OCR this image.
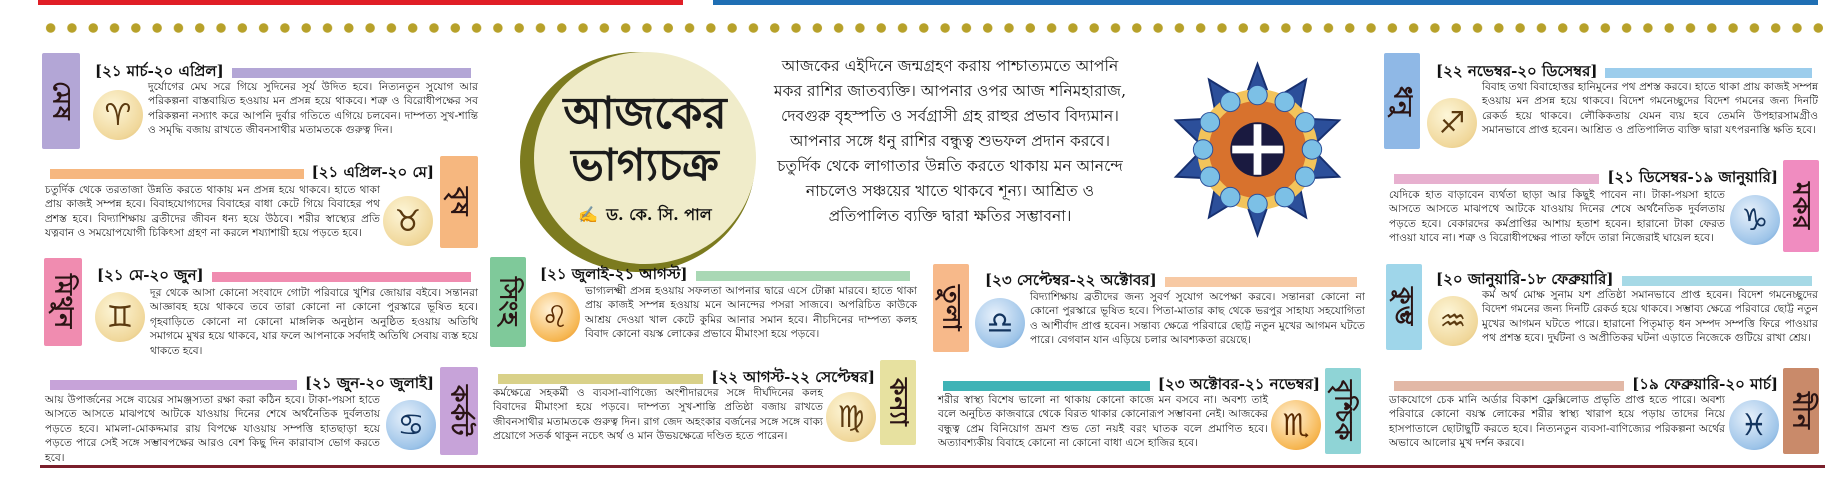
আজকের
ভাগ্যচক্র
✍ ড. কে. সি. পাল
আজকের এইদিনে জন্মগ্রহণ করায় পাশ্চাত্যমতে আপনি মকর রাশির জাতব্যক্তি। আপনার ওপর আজ শনিমহারাজ, দেবগুরু বৃহস্পতি ও সর্বগ্রাসী গ্রহ রাহুর প্রভাব বিদ্যমান। আপনার সঙ্গে ধনু রাশির বন্ধুত্ব শুভফল প্রদান করবে। চতুর্দিক থেকে লাগাতার উন্নতি করতে থাকায় মন আনন্দে নাচলেও সঞ্চয়ের খাতে থাকবে শূন্য। আশ্রিত ও প্রতিপালিত ব্যক্তি দ্বারা ক্ষতির সম্ভাবনা।
মেষ
[২১ মার্চ-২০ এপ্রিল]
♈
দুর্যোগের মেঘ সরে গিয়ে সুদিনের সূর্য উদিত হবে। নিত্যনতুন সুযোগ আর পরিকল্পনা বাস্তবায়িত হওয়ায় মন প্রসন্ন হয়ে থাকবে। শত্রু ও বিরোধীপক্ষের সব পরিকল্পনা নস্যাৎ করে আপনি দুর্বার গতিতে এগিয়ে চলবেন। দাম্পত্য সুখ-শান্তি ও সমৃদ্ধি বজায় রাখতে জীবনসাথীর মতামতকে গুরুত্ব দিন।
বৃষ
[২১ এপ্রিল-২০ মে]
চতুর্দিক থেকে তরতাজা উন্নতি করতে থাকায় মন প্রসন্ন হয়ে থাকবে। হাতে থাকা প্রায় কাজই সম্পন্ন হবে। বিবাহযোগ্যদের বিবাহের বাধা কেটে গিয়ে বিবাহের পথ প্রশস্ত হবে। বিদ্যাশিক্ষায় ব্রতীদের জীবন ধন্য হয়ে উঠবে। শরীর স্বাস্থ্যের প্রতি যত্নবান ও সময়োপযোগী চিকিৎসা গ্রহণ না করলে শয্যাশায়ী হয়ে পড়তে হবে।	♉
মিথুন [২১ মে-২০ জুন]
♊
দূর থেকে আসা কোনো সংবাদে গোটা পরিবারে খুশির জোয়ার বইবে। সন্তানরা আজ্ঞাবহ হয়ে থাকবে তবে তারা কোনো না কোনো পুরস্কারে ভূষিত হবে। গৃহবাড়িতে কোনো না কোনো মাঙ্গলিক অনুষ্ঠান অনুষ্ঠিত হওয়ায় অতিথি সমাগমে মুখর হয়ে থাকবে, যার ফলে আপনাকে সর্বদাই অতিথি সেবায় ব্যস্ত হয়ে থাকতে হবে।
কর্কট
[২১ জুন-২০ জুলাই]
আয় উপার্জনের সঙ্গে ব্যয়ের সামঞ্জস্যতা রক্ষা করা কঠিন হবে। টাকা-পয়সা হাতে আসতে আসতে মাঝপথে আটকে যাওয়ায় দিনের শেষে অর্থনৈতিক দুর্বলতায় পড়তে হবে। মামলা-মোকদ্দমার রায় বিপক্ষে যাওয়ায় সম্পত্তি হাতছাড়া হয়ে পড়তে পারে সেই সঙ্গে সম্ভাবপক্ষের আরও বেশ কিছু দিন কারাবাস ভোগ করতে হবে।
♋
সিংহ
[২১ জুলাই-২১ আগস্ট]
♌
ভাগ্যলক্ষ্মী প্রসন্ন হওয়ায় সফলতা আপনার দ্বারে এসে টোক্কা মারবে। হাতে থাকা প্রায় কাজই সম্পন্ন হওয়ায় মনে আনন্দের পসরা সাজবে। অপরিচিত কাউকে আশ্রয় দেওয়া খাল কেটে কুমির আনার সমান হবে। নীচদিনের দাম্পত্য কলহ বিবাদ কোনো বয়স্ক লোকের প্রভাবে মীমাংসা হয়ে পড়বে।
কন্যা
[২২ আগস্ট-২২ সেপ্টেম্বর]
কর্মক্ষেত্রে সহকর্মী ও ব্যবসা-বাণিজ্যে অংশীদারদের সঙ্গে দীর্ঘদিনের কলহ বিবাদের মীমাংসা হয়ে পড়বে। দাম্পত্য সুখ-শান্তি প্রতিষ্ঠা বজায় রাখতে জীবনসাথীর মতামতকে গুরুত্ব দিন। রাগ জেদ অহংকার বর্জনের সঙ্গে সঙ্গে বাক্য প্রয়োগে সতর্ক থাকুন নচেৎ অর্থ ও মান উভয়ক্ষেত্রে দণ্ডিত হতে পারেন।
♍
তুলা
[২৩ সেপ্টেম্বর-২২ অক্টোবর]
♎
বিদ্যাশিক্ষায় ব্রতীদের জন্য সুবর্ণ সুযোগ অপেক্ষা করবে। সন্তানরা কোনো না কোনো পুরস্কারে ভূষিত হবে। পিতা-মাতার কাছ থেকে ভরপুর সাহায্য সহযোগিতা ও আশীর্বাদ প্রাপ্ত হবেন। সন্তাব্য ক্ষেত্রে পরিবারে ছোট্ট নতুন মুখের আগমন ঘটতে পারে। বেগবান যান এড়িয়ে চলার আবশ্যকতা রয়েছে।
বৃশ্চিক
[২৩ অক্টোবর-২১ নভেম্বর]
শরীর স্বাস্থ্য বিশেষ ভালো না থাকায় কোনো কাজে মন বসবে না। অবশ্য তাই বলে অনুচিত কাজবারে থেকে বিরত থাকার কোনোরূপ সম্ভাবনা নেই। আজকের বন্ধুত্ব প্রেম বিনিয়োগ ভ্রমণ শুভ তো নয়ই বরং ঘাতক বলে প্রমাণিত হবে। অত্যাবশ্যকীয় বিবাহে কোনো না কোনো বাধা এসে হাজির হবে।
♏
ধনু
[২২ নভেম্বর-২০ ডিসেম্বর]
♐
বিবাহ তথা বিবাহোত্তর হানিমুনের পথ প্রশস্ত করবে। হাতে থাকা প্রায় কাজই সম্পন্ন হওয়ায় মন প্রসন্ন হয়ে থাকবে। বিদেশ গমনেচ্ছুদের বিদেশ গমনের জন্য দিনটি রেকর্ড হয়ে থাকবে। লৌকিকতায় যেমন ব্যয় হবে তেমনি উপহারসামগ্রীও সমানভাবে প্রাপ্ত হবেন। আশ্রিত ও প্রতিপালিত ব্যক্তি দ্বারা যৎপরনাস্তি ক্ষতি হবে।
মকর
[২১ ডিসেম্বর-১৯ জানুয়ারি]
যেদিকে হাত বাড়াবেন ব্যর্থতা ছাড়া আর কিছুই পাবেন না। টাকা-পয়সা হাতে আসতে আসতে মাঝপথে আটকে যাওয়ায় দিনের শেষে অর্থনৈতিক দুর্বলতায় পড়তে হবে। বেকারদের কর্মপ্রাপ্তির আশায় হতাশ হবেন। হারানো টাকা ফেরত পাওয়া যাবে না। শত্রু ও বিরোধীপক্ষের পাতা ফাঁদে তারা নিজেরাই ঘায়েল হবে।
♑
কুম্ভ
[২০ জানুয়ারি-১৮ ফেব্রুয়ারি]
♒
কর্ম অর্থ মোক্ষ সুনাম যশ প্রতিষ্ঠা সমানভাবে প্রাপ্ত হবেন। বিদেশ গমনেচ্ছুদের বিদেশ গমনের জন্য দিনটি রেকর্ড হয়ে থাকবে। সম্ভাব্য ক্ষেত্রে পরিবারে ছোট্ট নতুন মুখের আগমন ঘটতে পারে। হারানো পিতৃমাতৃ ধন সম্পদ সম্পত্তি ফিরে পাওয়ার পথ প্রশস্ত হবে। দুর্ঘটনা ও অপ্রীতিকর ঘটনা এড়াতে নিজেকে গুটিয়ে রাখা শ্রেয়।
মীন
[১৯ ফেব্রুয়ারি-২০ মার্চ]
ডাকযোগে চেক মানি অর্ডার বিকাশ ফ্লেক্সিলোড প্রভৃতি প্রাপ্ত হতে পারে। অবশ্য পরিবারে কোনো বয়স্ক লোকের শরীর স্বাস্থ্য খারাপ হয়ে পড়ায় তাদের নিয়ে হাসপাতালে ছোটাছুটি করতে হবে। নিত্যনতুন ব্যবসা-বাণিজ্যের পরিকল্পনা অর্থের অভাবে আলোর মুখ দর্শন করবে।
♓
